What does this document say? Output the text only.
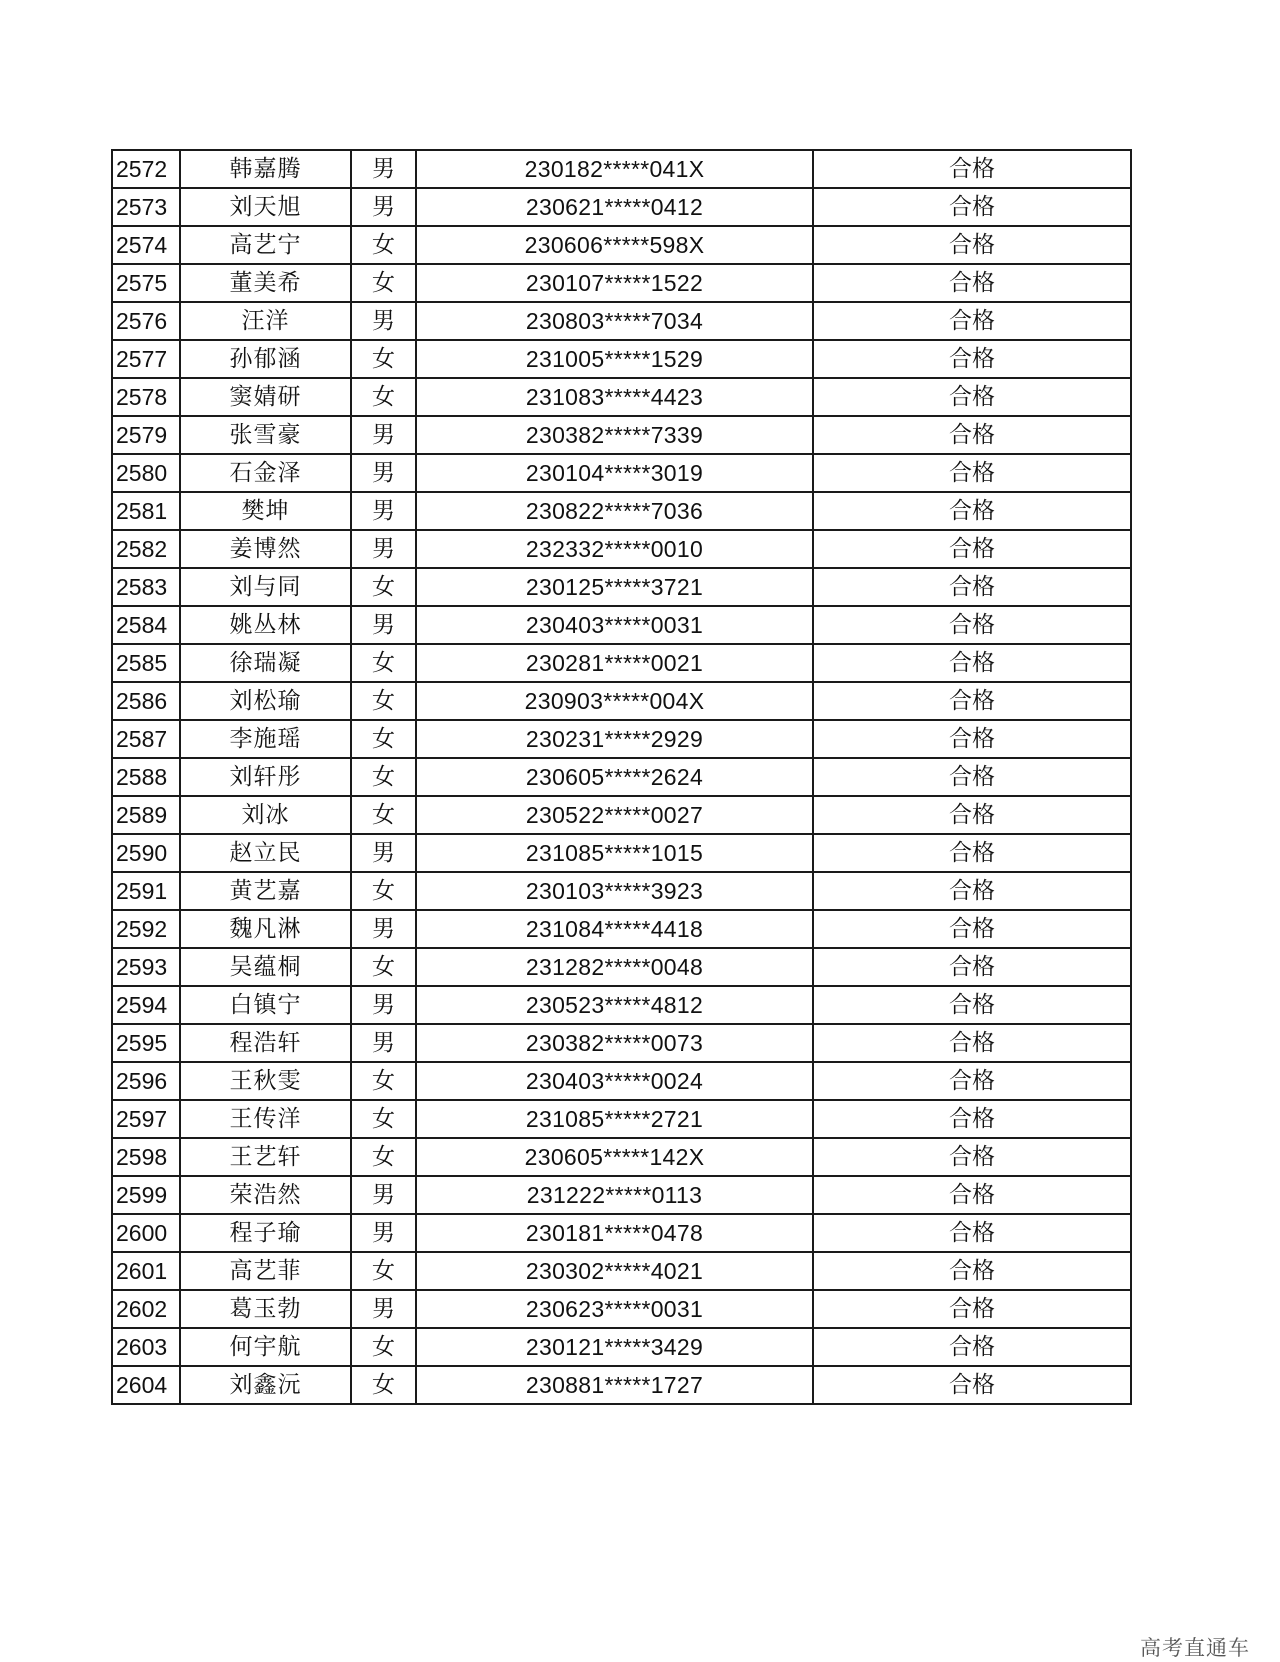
2572	韩嘉腾	男	230182*****041X	合格
2573	刘天旭	男	230621*****0412	合格
2574	高艺宁	女	230606*****598X	合格
2575	董美希	女	230107*****1522	合格
2576	汪洋	男	230803*****7034	合格
2577	孙郁涵	女	231005*****1529	合格
2578	窦婧研	女	231083*****4423	合格
2579	张雪豪	男	230382*****7339	合格
2580	石金泽	男	230104*****3019	合格
2581	樊坤	男	230822*****7036	合格
2582	姜博然	男	232332*****0010	合格
2583	刘与同	女	230125*****3721	合格
2584	姚丛林	男	230403*****0031	合格
2585	徐瑞凝	女	230281*****0021	合格
2586	刘松瑜	女	230903*****004X	合格
2587	李施瑶	女	230231*****2929	合格
2588	刘轩彤	女	230605*****2624	合格
2589	刘冰	女	230522*****0027	合格
2590	赵立民	男	231085*****1015	合格
2591	黄艺嘉	女	230103*****3923	合格
2592	魏凡淋	男	231084*****4418	合格
2593	吴蕴桐	女	231282*****0048	合格
2594	白镇宁	男	230523*****4812	合格
2595	程浩轩	男	230382*****0073	合格
2596	王秋雯	女	230403*****0024	合格
2597	王传洋	女	231085*****2721	合格
2598	王艺轩	女	230605*****142X	合格
2599	荣浩然	男	231222*****0113	合格
2600	程子瑜	男	230181*****0478	合格
2601	高艺菲	女	230302*****4021	合格
2602	葛玉勃	男	230623*****0031	合格
2603	何宇航	女	230121*****3429	合格
2604	刘鑫沅	女	230881*****1727	合格
高考直通车
